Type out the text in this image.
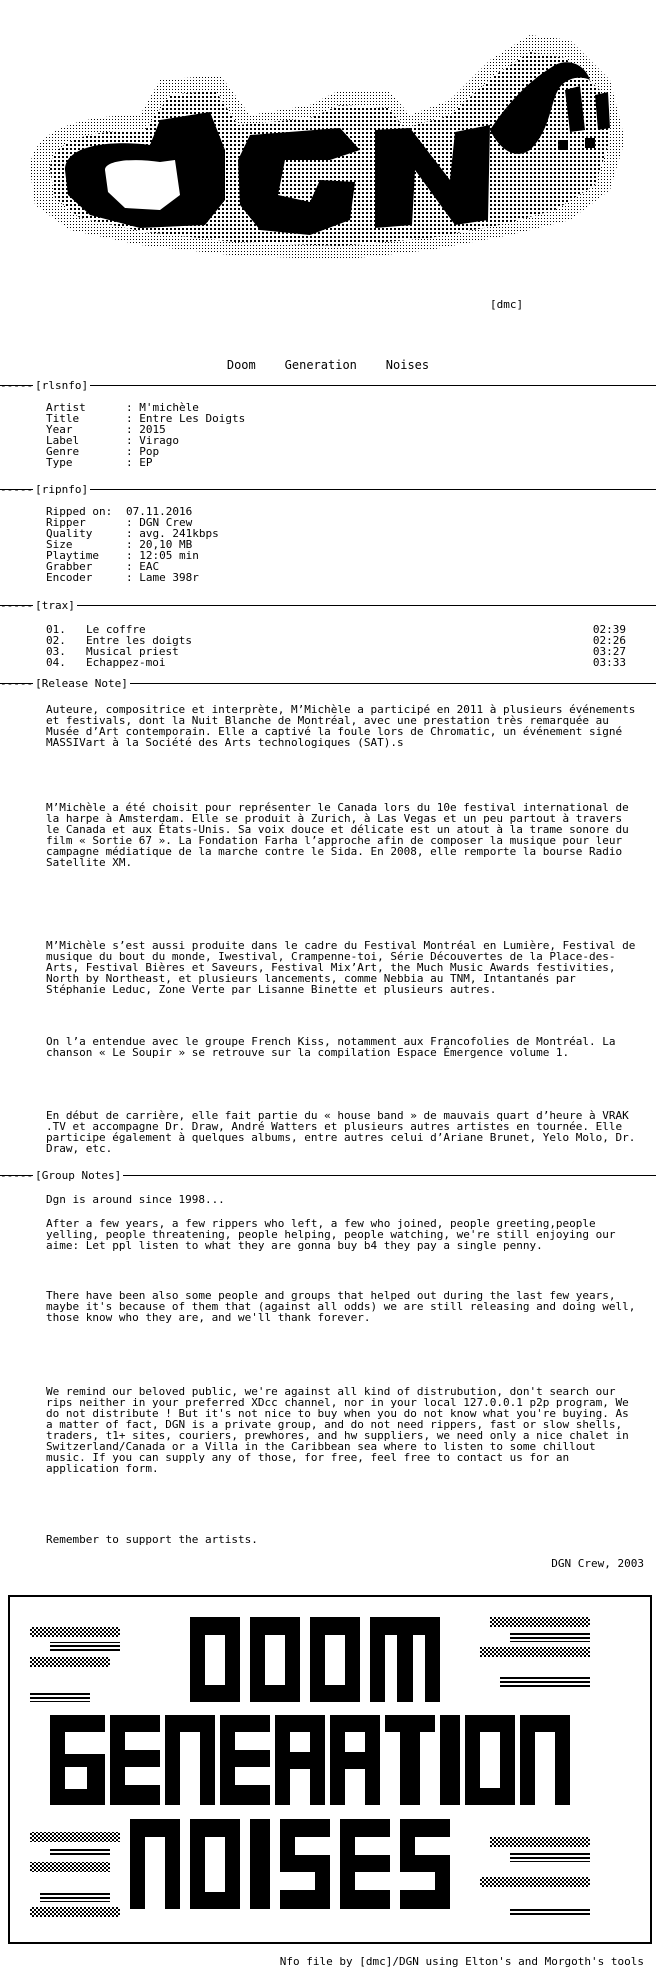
[dmc]
Doom    Generation    Noises
----- [rlsnfo]
Artist	: M'michèle
Title	: Entre Les Doigts
Year	: 2015
Label	: Virago
Genre	: Pop
Type	: EP
----- [ripnfo]
Ripped on: 07.11.2016
Ripper	: DGN Crew
Quality	: avg. 241kbps
Size	: 20,10 MB
Playtime : 12:05 min
Grabber	: EAC
Encoder	: Lame 398r
----- [trax]
01. Le coffre	02:39
02. Entre les doigts	02:26
03. Musical priest	03:27
04. Echappez-moi	03:33
----- [Release Note]
Auteure, compositrice et interprète, M’Michèle a participé en 2011 à plusieurs événements et festivals, dont la Nuit Blanche de Montréal, avec une prestation très remarquée au Musée d’Art contemporain. Elle a captivé la foule lors de Chromatic, un événement signé MASSIVart à la Société des Arts technologiques (SAT).s
M’Michèle a été choisit pour représenter le Canada lors du 10e festival international de la harpe à Amsterdam. Elle se produit à Zurich, à Las Vegas et un peu partout à travers le Canada et aux États-Unis. Sa voix douce et délicate est un atout à la trame sonore du film « Sortie 67 ». La Fondation Farha l’approche afin de composer la musique pour leur campagne médiatique de la marche contre le Sida. En 2008, elle remporte la bourse Radio Satellite XM.
M’Michèle s’est aussi produite dans le cadre du Festival Montréal en Lumière, Festival de musique du bout du monde, Iwestival, Crampenne-toi, Série Découvertes de la Place-des-Arts, Festival Bières et Saveurs, Festival Mix’Art, the Much Music Awards festivities, North by Northeast, et plusieurs lancements, comme Nebbia au TNM, Intantanés par Stéphanie Leduc, Zone Verte par Lisanne Binette et plusieurs autres.
On l’a entendue avec le groupe French Kiss, notamment aux Francofolies de Montréal. La chanson « Le Soupir » se retrouve sur la compilation Espace Émergence volume 1.
En début de carrière, elle fait partie du « house band » de mauvais quart d’heure à VRAK .TV et accompagne Dr. Draw, André Watters et plusieurs autres artistes en tournée. Elle participe également à quelques albums, entre autres celui d’Ariane Brunet, Yelo Molo, Dr. Draw, etc.
----- [Group Notes]
Dgn is around since 1998...
After a few years, a few rippers who left, a few who joined, people greeting,people yelling, people threatening, people helping, people watching, we're still enjoying our aime: Let ppl listen to what they are gonna buy b4 they pay a single penny.
There have been also some people and groups that helped out during the last few years, maybe it's because of them that (against all odds) we are still releasing and doing well, those know who they are, and we'll thank forever.
We remind our beloved public, we're against all kind of distrubution, don't search our rips neither in your preferred XDcc channel, nor in your local 127.0.0.1 p2p program, We do not distribute ! But it's not nice to buy when you do not know what you're buying. As a matter of fact, DGN is a private group, and do not need rippers, fast or slow shells, traders, t1+ sites, couriers, prewhores, and hw suppliers, we need only a nice chalet in Switzerland/Canada or a Villa in the Caribbean sea where to listen to some chillout music. If you can supply any of those, for free, feel free to contact us for an application form.
Remember to support the artists.
DGN Crew, 2003
Nfo file by [dmc]/DGN using Elton's and Morgoth's tools
